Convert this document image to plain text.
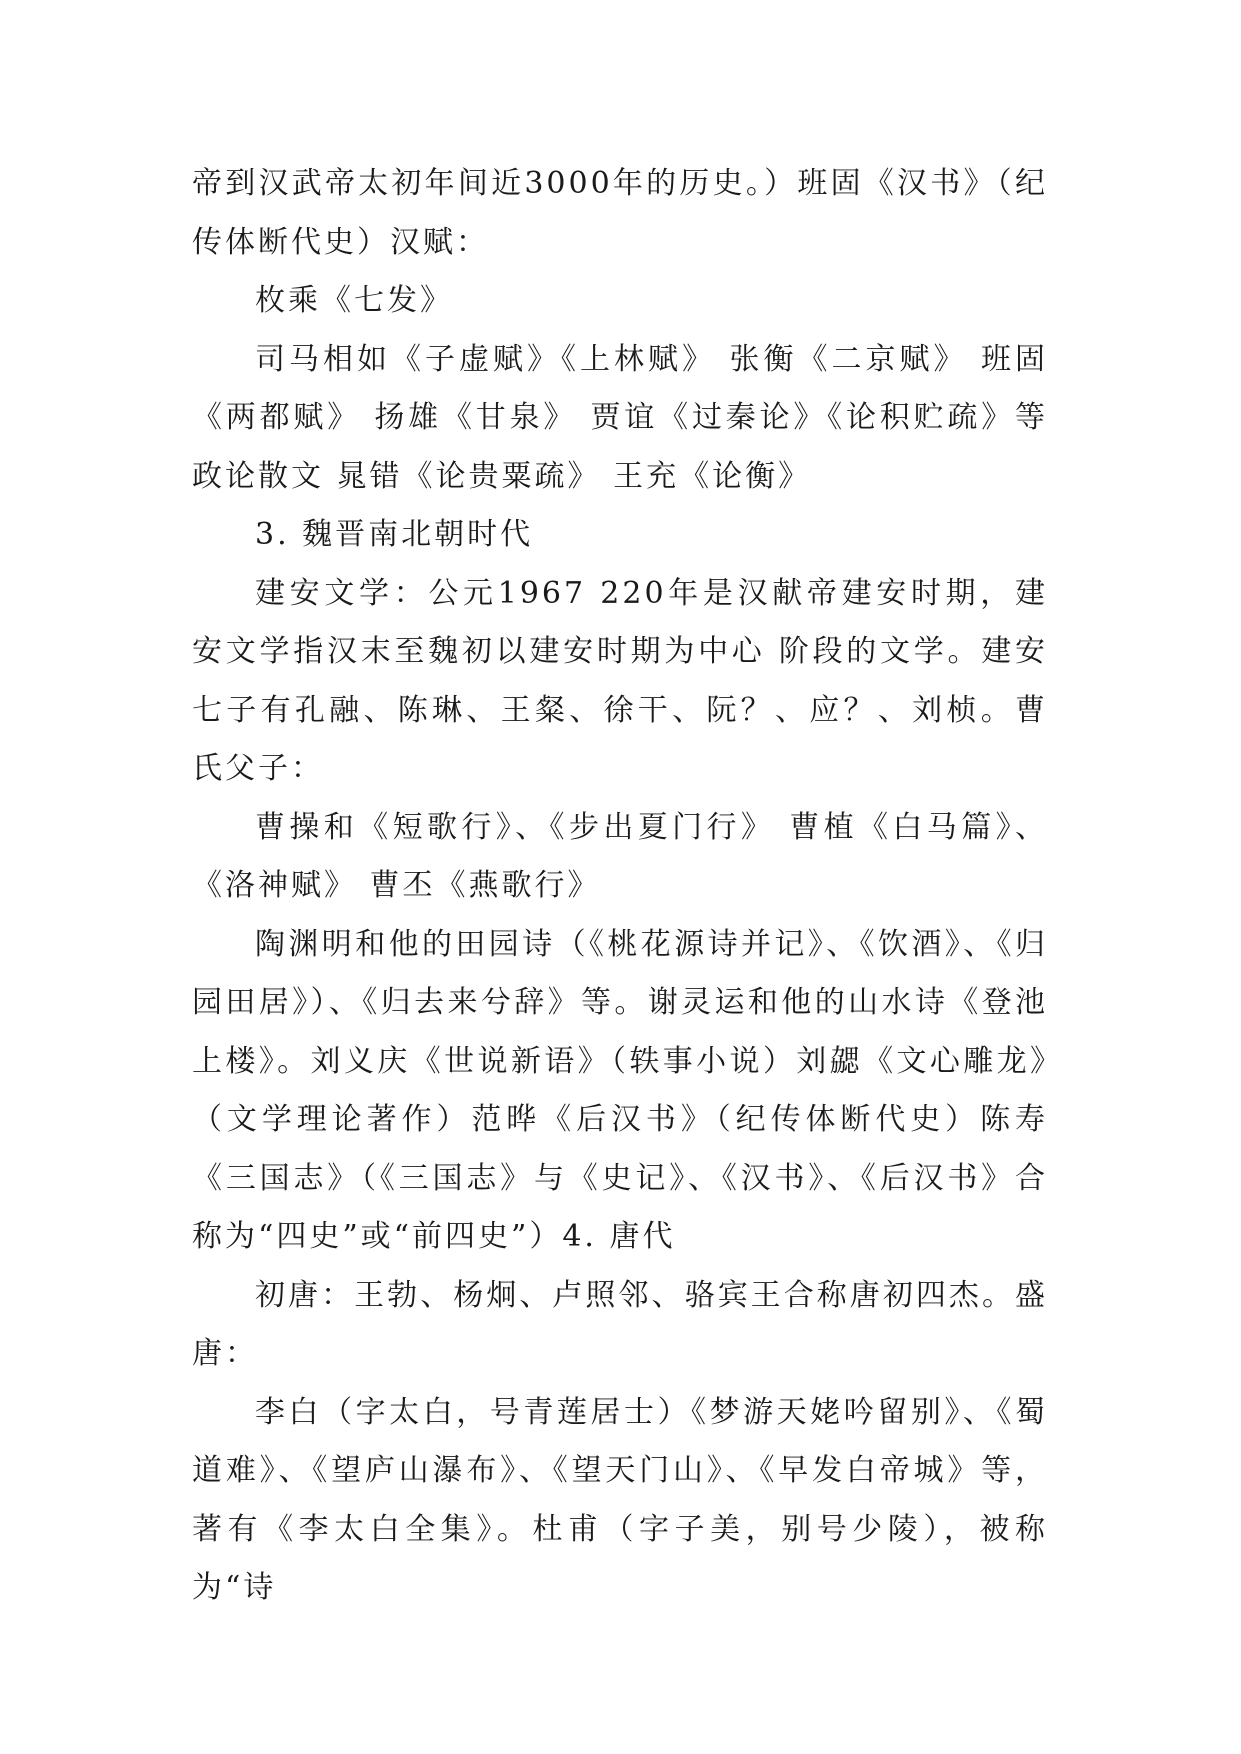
帝到汉武帝太初年间近3000年的历史。）班固《汉书》（纪传体断代史）汉赋：

枚乘《七发》

司马相如《子虚赋》《上林赋》 张衡《二京赋》 班固《两都赋》 扬雄《甘泉》 贾谊《过秦论》《论积贮疏》等政论散文 晁错《论贵粟疏》 王充《论衡》

3. 魏晋南北朝时代

建安文学：公元1967 220年是汉献帝建安时期，建安文学指汉末至魏初以建安时期为中心 阶段的文学。建安七子有孔融、陈琳、王粲、徐干、阮？、应？、刘桢。曹氏父子：

曹操和《短歌行》、《步出夏门行》 曹植《白马篇》、《洛神赋》 曹丕《燕歌行》

陶渊明和他的田园诗（《桃花源诗并记》、《饮酒》、《归园田居》）、《归去来兮辞》等。谢灵运和他的山水诗《登池上楼》。刘义庆《世说新语》（轶事小说）刘勰《文心雕龙》（文学理论著作）范晔《后汉书》（纪传体断代史）陈寿《三国志》（《三国志》与《史记》、《汉书》、《后汉书》合称为“四史”或“前四史”）4. 唐代

初唐：王勃、杨炯、卢照邻、骆宾王合称唐初四杰。盛唐：

李白（字太白，号青莲居士）《梦游天姥吟留别》、《蜀道难》、《望庐山瀑布》、《望天门山》、《早发白帝城》等，著有《李太白全集》。杜甫（字子美，别号少陵），被称为“诗
